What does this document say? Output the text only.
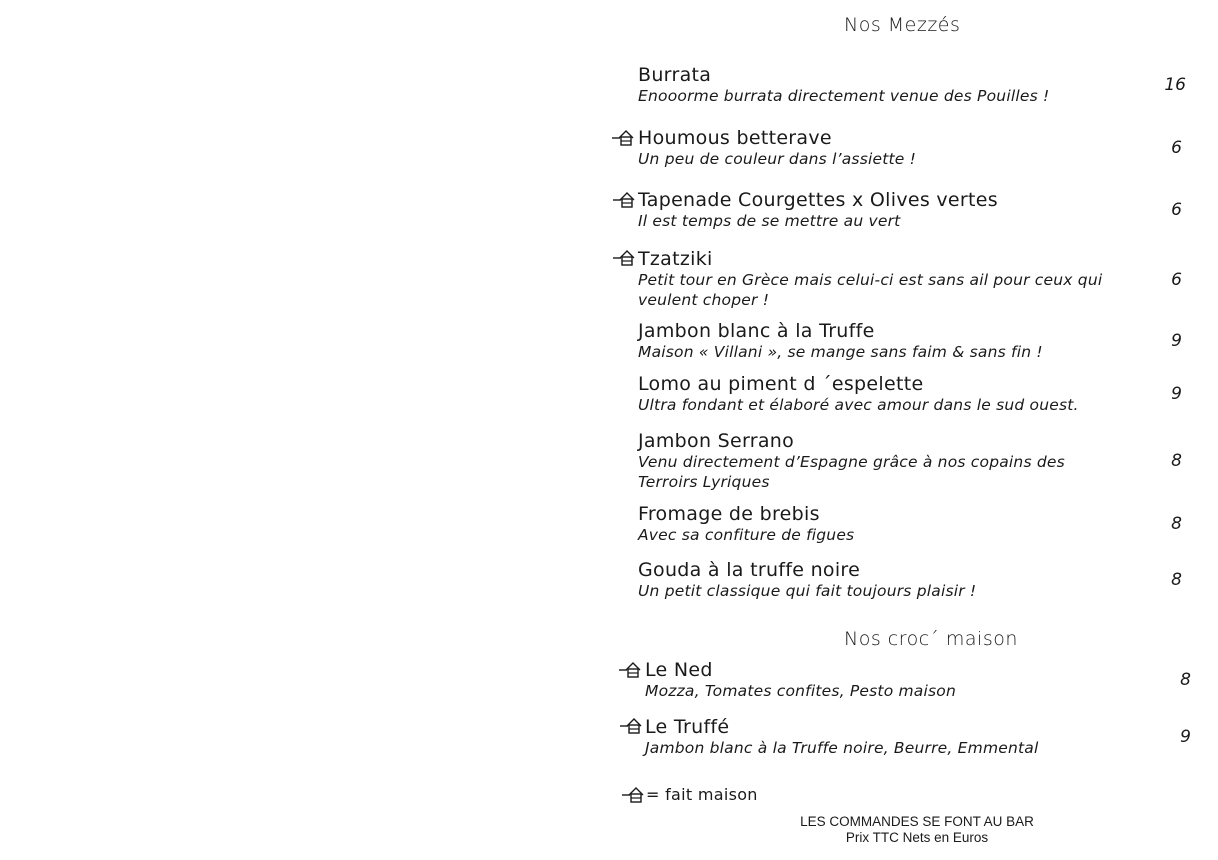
Nos Mezzés
Burrata
Enooorme burrata directement venue des Pouilles !
16
Houmous betterave
Un peu de couleur dans l’assiette !
6
Tapenade Courgettes x Olives vertes
Il est temps de se mettre au vert
6
Tzatziki
Petit tour en Grèce mais celui-ci est sans ail pour ceux qui veulent choper !
6
Jambon blanc à la Truffe
Maison « Villani », se mange sans faim & sans fin !
9
Lomo au piment d ´espelette
Ultra fondant et élaboré avec amour dans le sud ouest.
9
Jambon Serrano
Venu directement d’Espagne grâce à nos copains des Terroirs Lyriques
8
Fromage de brebis
Avec sa confiture de figues
8
Gouda à la truffe noire
Un petit classique qui fait toujours plaisir !
8
Nos croc´ maison
Le Ned
Mozza, Tomates confites, Pesto maison
8
Le Truffé
Jambon blanc à la Truffe noire, Beurre, Emmental
9
= fait maison
LES COMMANDES SE FONT AU BAR
Prix TTC Nets en Euros
